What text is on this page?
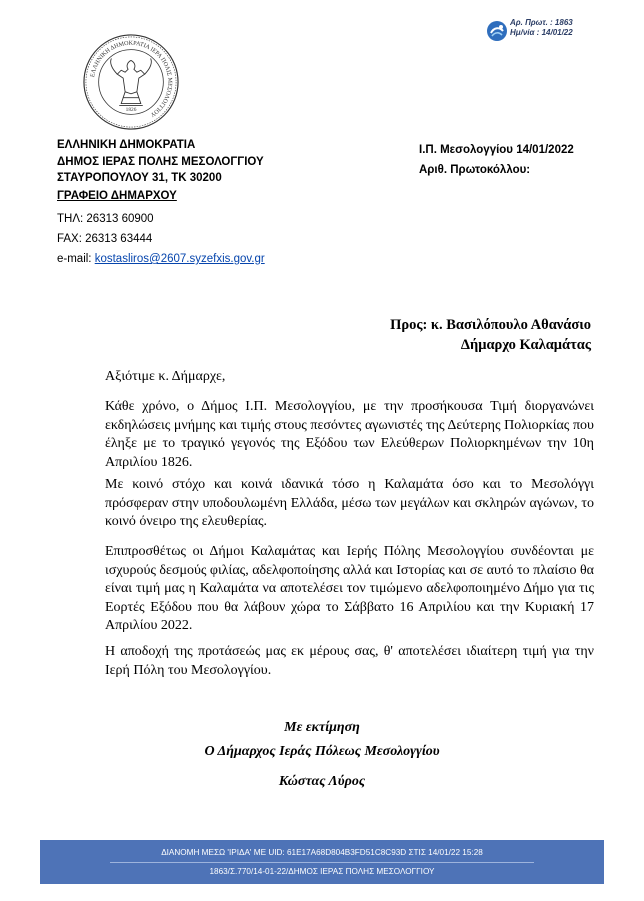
ΕΛΛΗΝΙΚΗ ΔΗΜΟΚΡΑΤΙΑ ΙΕΡΑ ΠΟΛΙΣ ΜΕΣΟΛΟΓΓΙΟΥ
1826
Αρ. Πρωτ. : 1863
Ημ/νία : 14/01/22
ΕΛΛΗΝΙΚΗ ΔΗΜΟΚΡΑΤΙΑ
ΔΗΜΟΣ ΙΕΡΑΣ ΠΟΛΗΣ ΜΕΣΟΛΟΓΓΙΟΥ
ΣΤΑΥΡΟΠΟΥΛΟΥ 31, ΤΚ 30200
ΓΡΑΦΕΙΟ ΔΗΜΑΡΧΟΥ
ΤΗΛ: 26313 60900
FAX: 26313 63444
e-mail: kostasliros@2607.syzefxis.gov.gr
Ι.Π. Μεσολογγίου 14/01/2022
Αριθ. Πρωτοκόλλου:
Προς: κ. Βασιλόπουλο Αθανάσιο
Δήμαρχο Καλαμάτας
Αξιότιμε κ. Δήμαρχε,
Κάθε χρόνο, ο Δήμος Ι.Π. Μεσολογγίου, με την προσήκουσα Τιμή διοργανώνει εκδηλώσεις μνήμης και τιμής στους πεσόντες αγωνιστές της Δεύτερης Πολιορκίας που έληξε με το τραγικό γεγονός της Εξόδου των Ελεύθερων Πολιορκημένων την 10η Απριλίου 1826.
Με κοινό στόχο και κοινά ιδανικά τόσο η Καλαμάτα όσο και το Μεσολόγγι πρόσφεραν στην υποδουλωμένη Ελλάδα, μέσω των μεγάλων και σκληρών αγώνων, το κοινό όνειρο της ελευθερίας.
Επιπροσθέτως οι Δήμοι Καλαμάτας και Ιερής Πόλης Μεσολογγίου συνδέονται με ισχυρούς δεσμούς φιλίας, αδελφοποίησης αλλά και Ιστορίας και σε αυτό το πλαίσιο θα είναι τιμή μας η Καλαμάτα να αποτελέσει τον τιμώμενο αδελφοποιημένο Δήμο για τις Εορτές Εξόδου που θα λάβουν χώρα το Σάββατο 16 Απριλίου και την Κυριακή 17 Απριλίου 2022.
Η αποδοχή της προτάσεώς μας εκ μέρους σας, θ' αποτελέσει ιδιαίτερη τιμή για την Ιερή Πόλη του Μεσολογγίου.
Με εκτίμηση
Ο Δήμαρχος Ιεράς Πόλεως Μεσολογγίου
Κώστας Λύρος
ΔΙΑΝΟΜΗ ΜΕΣΩ 'ΙΡΙΔΑ' ΜΕ UID: 61E17A68D804B3FD51C8C93D ΣΤΙΣ 14/01/22 15:28
1863/Σ.770/14-01-22/ΔΗΜΟΣ ΙΕΡΑΣ ΠΟΛΗΣ ΜΕΣΟΛΟΓΓΙΟΥ
